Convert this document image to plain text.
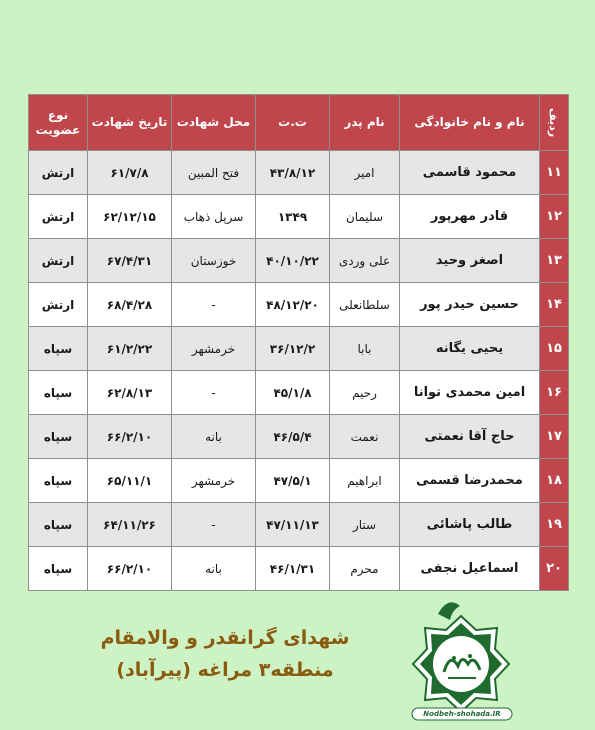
ردیف	نام و نام خانوادگی	نام پدر	ت.ت	محل شهادت	تاریخ شهادت	نوع عضویت
۱۱	محمود قاسمی	امیر	۴۳/۸/۱۲	فتح المبین	۶۱/۷/۸	ارتش
۱۲	قادر مهرپور	سلیمان	۱۳۴۹	سرپل ذهاب	۶۲/۱۲/۱۵	ارتش
۱۳	اصغر وحید	علی وردی	۴۰/۱۰/۲۲	خوزستان	۶۷/۴/۳۱	ارتش
۱۴	حسین حیدر پور	سلطانعلی	۴۸/۱۲/۲۰	-	۶۸/۴/۲۸	ارتش
۱۵	یحیی یگانه	بابا	۳۶/۱۲/۲	خرمشهر	۶۱/۲/۲۲	سپاه
۱۶	امین محمدی توانا	رحیم	۴۵/۱/۸	-	۶۲/۸/۱۳	سپاه
۱۷	حاج آقا نعمتی	نعمت	۴۶/۵/۴	بانه	۶۶/۲/۱۰	سپاه
۱۸	محمدرضا قسمی	ابراهیم	۴۷/۵/۱	خرمشهر	۶۵/۱۱/۱	سپاه
۱۹	طالب پاشائی	ستار	۴۷/۱۱/۱۳	-	۶۴/۱۱/۲۶	سپاه
۲۰	اسماعیل نجفی	محرم	۴۶/۱/۳۱	بانه	۶۶/۲/۱۰	سپاه
شهدای گرانقدر و والامقام
منطقه۳ مراغه (پیرآباد)
Nodbeh-shohada.IR
